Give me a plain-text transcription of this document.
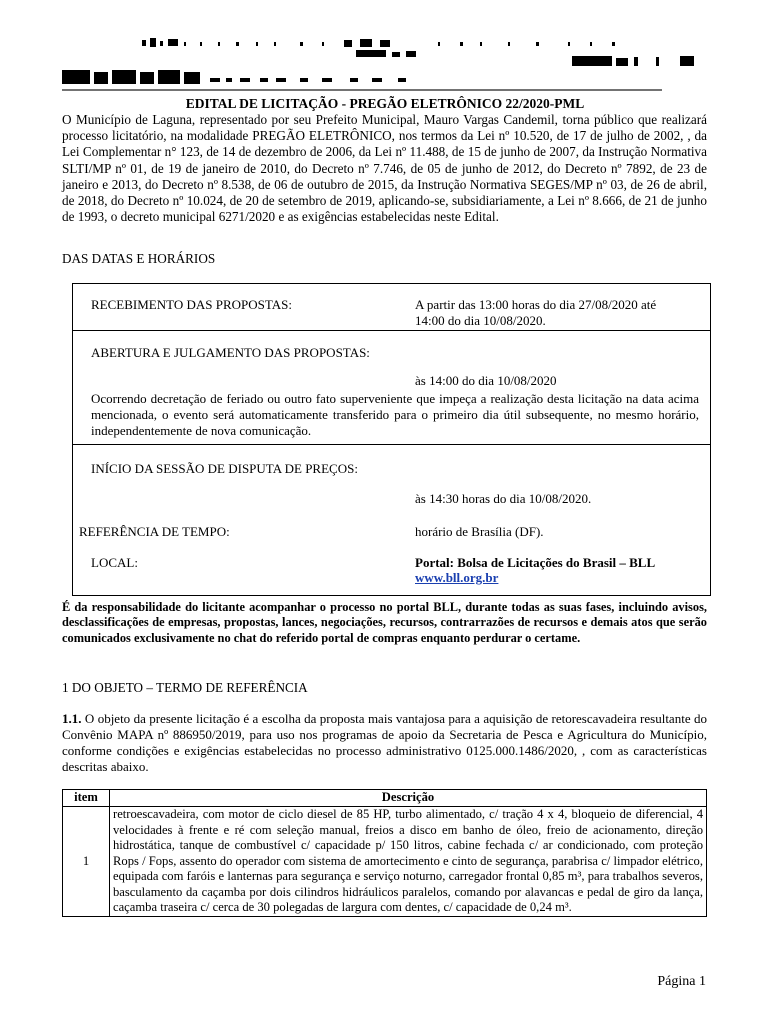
EDITAL DE LICITAÇÃO - PREGÃO ELETRÔNICO 22/2020-PML

O Município de Laguna, representado por seu Prefeito Municipal, Mauro Vargas Candemil, torna público que realizará processo licitatório, na modalidade PREGÃO ELETRÔNICO, nos termos da Lei nº 10.520, de 17 de julho de 2002, , da Lei Complementar n° 123, de 14 de dezembro de 2006, da Lei nº 11.488, de 15 de junho de 2007, da Instrução Normativa SLTI/MP nº 01, de 19 de janeiro de 2010, do Decreto nº 7.746, de 05 de junho de 2012, do Decreto nº 7892, de 23 de janeiro e 2013, do Decreto nº 8.538, de 06 de outubro de 2015, da Instrução Normativa SEGES/MP nº 03, de 26 de abril, de 2018, do Decreto nº 10.024, de 20 de setembro de 2019, aplicando-se, subsidiariamente, a Lei nº 8.666, de 21 de junho de 1993, o decreto municipal 6271/2020 e as exigências estabelecidas neste Edital.

DAS DATAS E HORÁRIOS
RECEBIMENTO DAS PROPOSTAS:	A partir das 13:00 horas do dia 27/08/2020 até
14:00 do dia 10/08/2020.
ABERTURA E JULGAMENTO DAS PROPOSTAS:
às 14:00 do dia 10/08/2020
Ocorrendo decretação de feriado ou outro fato superveniente que impeça a realização desta licitação na data acima mencionada, o evento será automaticamente transferido para o primeiro dia útil subsequente, no mesmo horário, independentemente de nova comunicação.
INÍCIO DA SESSÃO DE DISPUTA DE PREÇOS:
às 14:30 horas do dia 10/08/2020.
REFERÊNCIA DE TEMPO:	horário de Brasília (DF).
LOCAL:	Portal: Bolsa de Licitações do Brasil – BLL
www.bll.org.br

É da responsabilidade do licitante acompanhar o processo no portal BLL, durante todas as suas fases, incluindo avisos, desclassificações de empresas, propostas, lances, negociações, recursos, contrarrazões de recursos e demais atos que serão comunicados exclusivamente no chat do referido portal de compras enquanto perdurar o certame.

1 DO OBJETO – TERMO DE REFERÊNCIA

1.1. O objeto da presente licitação é a escolha da proposta mais vantajosa para a aquisição de retorescavadeira resultante do Convênio MAPA nº 886950/2019, para uso nos programas de apoio da Secretaria de Pesca e Agricultura do Município, conforme condições e exigências estabelecidas no processo administrativo 0125.000.1486/2020, , com as características descritas abaixo.

item	Descrição
1	retroescavadeira, com motor de ciclo diesel de 85 HP, turbo alimentado, c/ tração 4 x 4, bloqueio de diferencial, 4 velocidades à frente e ré com seleção manual, freios a disco em banho de óleo, freio de acionamento, direção hidrostática, tanque de combustível c/ capacidade p/ 150 litros, cabine fechada c/ ar condicionado, com proteção Rops / Fops, assento do operador com sistema de amortecimento e cinto de segurança, parabrisa c/ limpador elétrico, equipada com faróis e lanternas para segurança e serviço noturno, carregador frontal 0,85 m³, para trabalhos severos, basculamento da caçamba por dois cilindros hidráulicos paralelos, comando por alavancas e pedal de giro da lança, caçamba traseira c/ cerca de 30 polegadas de largura com dentes, c/ capacidade de 0,24 m³.
Página 1
